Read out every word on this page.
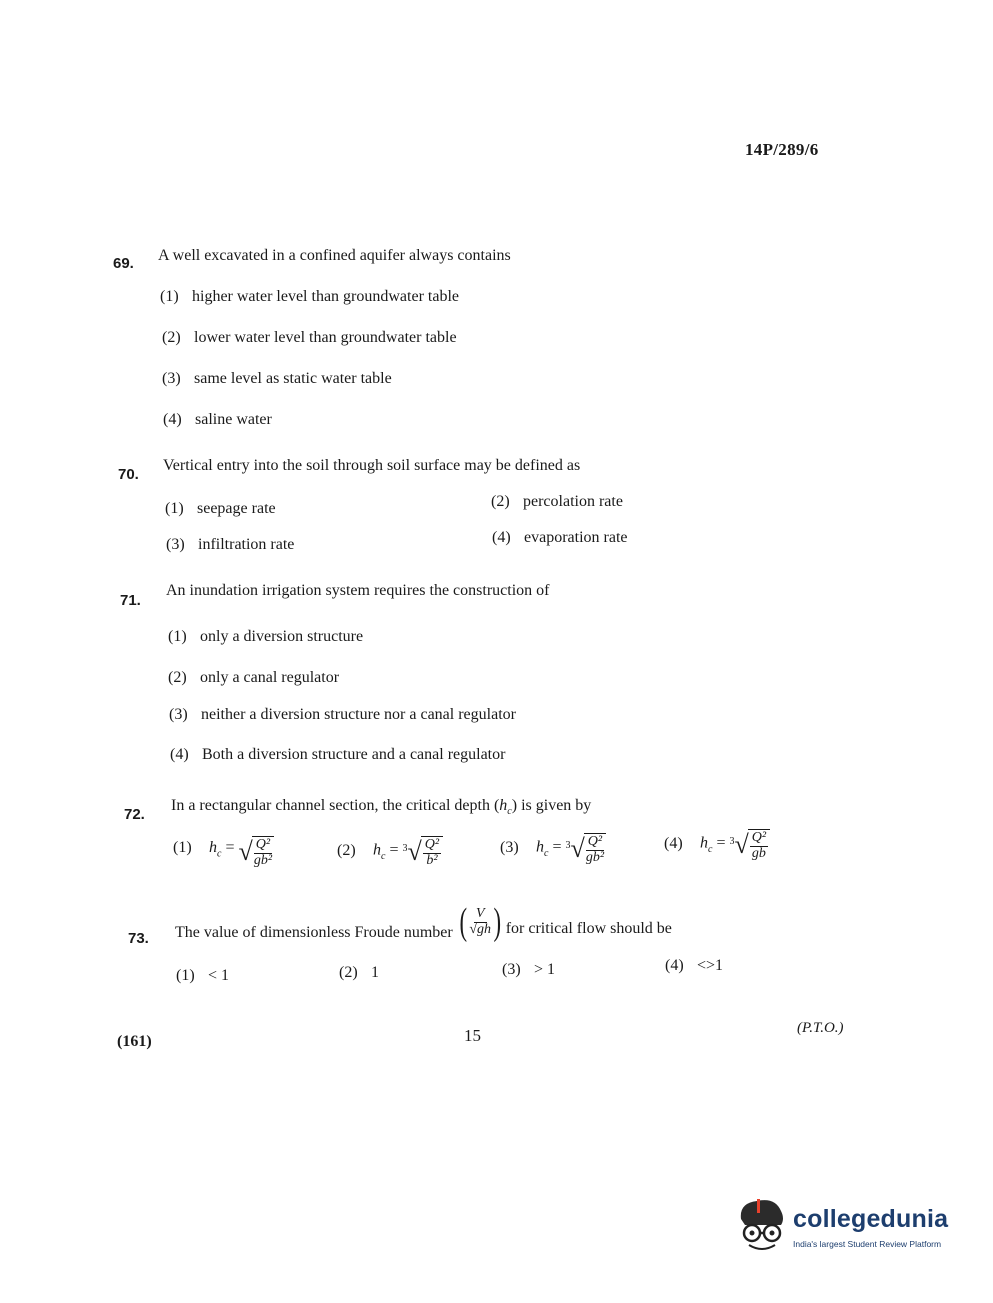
14P/289/6
69. A well excavated in a confined aquifer always contains
(1) higher water level than groundwater table
(2) lower water level than groundwater table
(3) same level as static water table
(4) saline water
70.
Vertical entry into the soil through soil surface may be defined as
(1) seepage rate	(2) percolation rate
(3) infiltration rate	(4) evaporation rate
71.
An inundation irrigation system requires the construction of
(1) only a diversion structure
(2) only a canal regulator
(3) neither a diversion structure nor a canal regulator
(4) Both a diversion structure and a canal regulator
72.
In a rectangular channel section, the critical depth $(h_c)$ is given by
(1) $h_c$ = √ $\frac{\text{Q²}}{\text{gb²}}$	(2) $h_c = 3$ √ $\frac{\text{Q²}}{\text{b²}}$	(3) $h_c = 3$ √ $\frac{\text{Q²}}{\text{gb²}}$	(4) $h_c = 3$ √ $\frac{\text{Q²}}{gb}$
73. The value of dimensionless Froude number ( $\frac{V}{√gh}$ ) for critical flow should be
(1) < 1	(2) 1	(3) > 1	(4) <>1
(161)	15	(P.T.O.)
collegedunia
India's largest Student Review Platform
